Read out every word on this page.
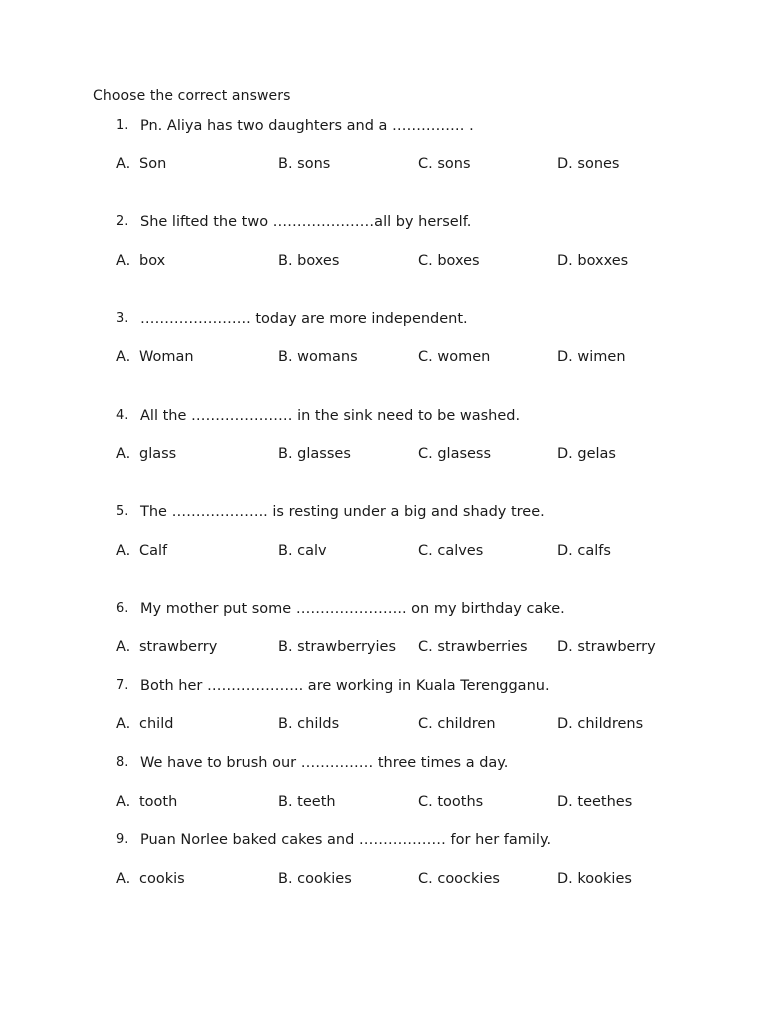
Choose the correct answers
1. Pn. Aliya has two daughters and a …………… .
A. Son	B. sons	C. sons	D. sones
2. She lifted the two …………………all by herself.
A. box	B. boxes	C. boxes	D. boxxes
3. ………………….. today are more independent.
A. Woman	B. womans	C. women	D. wimen
4. All the ………………… in the sink need to be washed.
A. glass	B. glasses	C. glasess	D. gelas
5. The ……………….. is resting under a big and shady tree.
A. Calf	B. calv	C. calves	D. calfs
6. My mother put some ………………….. on my birthday cake.
A. strawberry	B. strawberryies C. strawberries D. strawberry
7. Both her ……………….. are working in Kuala Terengganu.
A. child	B. childs	C. children	D. childrens
8. We have to brush our …………… three times a day.
A. tooth	B. teeth	C. tooths	D. teethes
9. Puan Norlee baked cakes and ……………… for her family.
A. cookis	B. cookies	C. coockies	D. kookies
